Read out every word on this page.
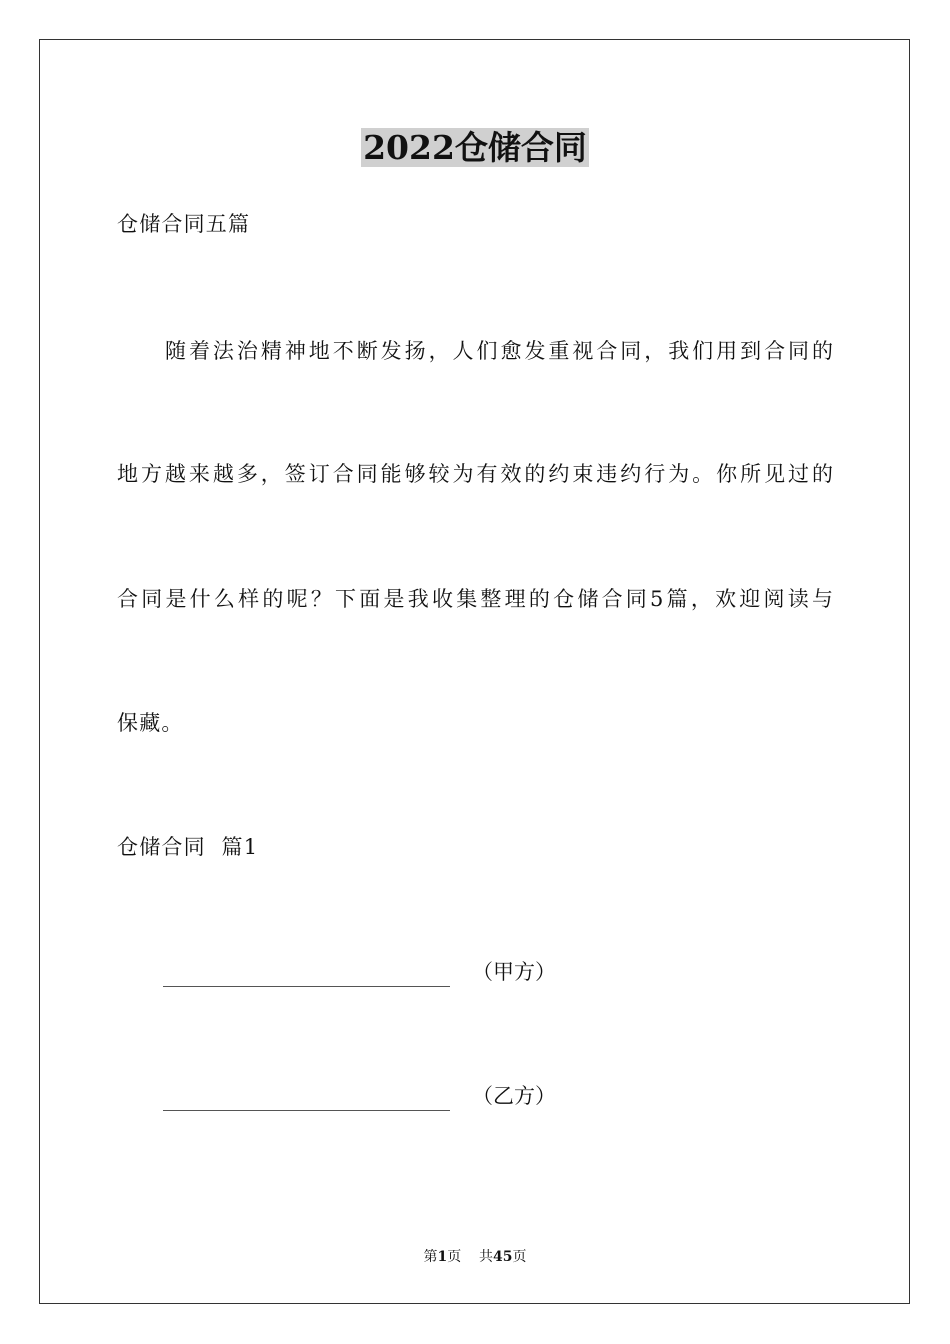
2022仓储合同
仓储合同五篇
随着法治精神地不断发扬，人们愈发重视合同，我们用到合同的
地方越来越多，签订合同能够较为有效的约束违约行为。你所见过的
合同是什么样的呢？下面是我收集整理的仓储合同5篇，欢迎阅读与
保藏。
仓储合同  篇1
（甲方）
（乙方）
第1页 共45页
